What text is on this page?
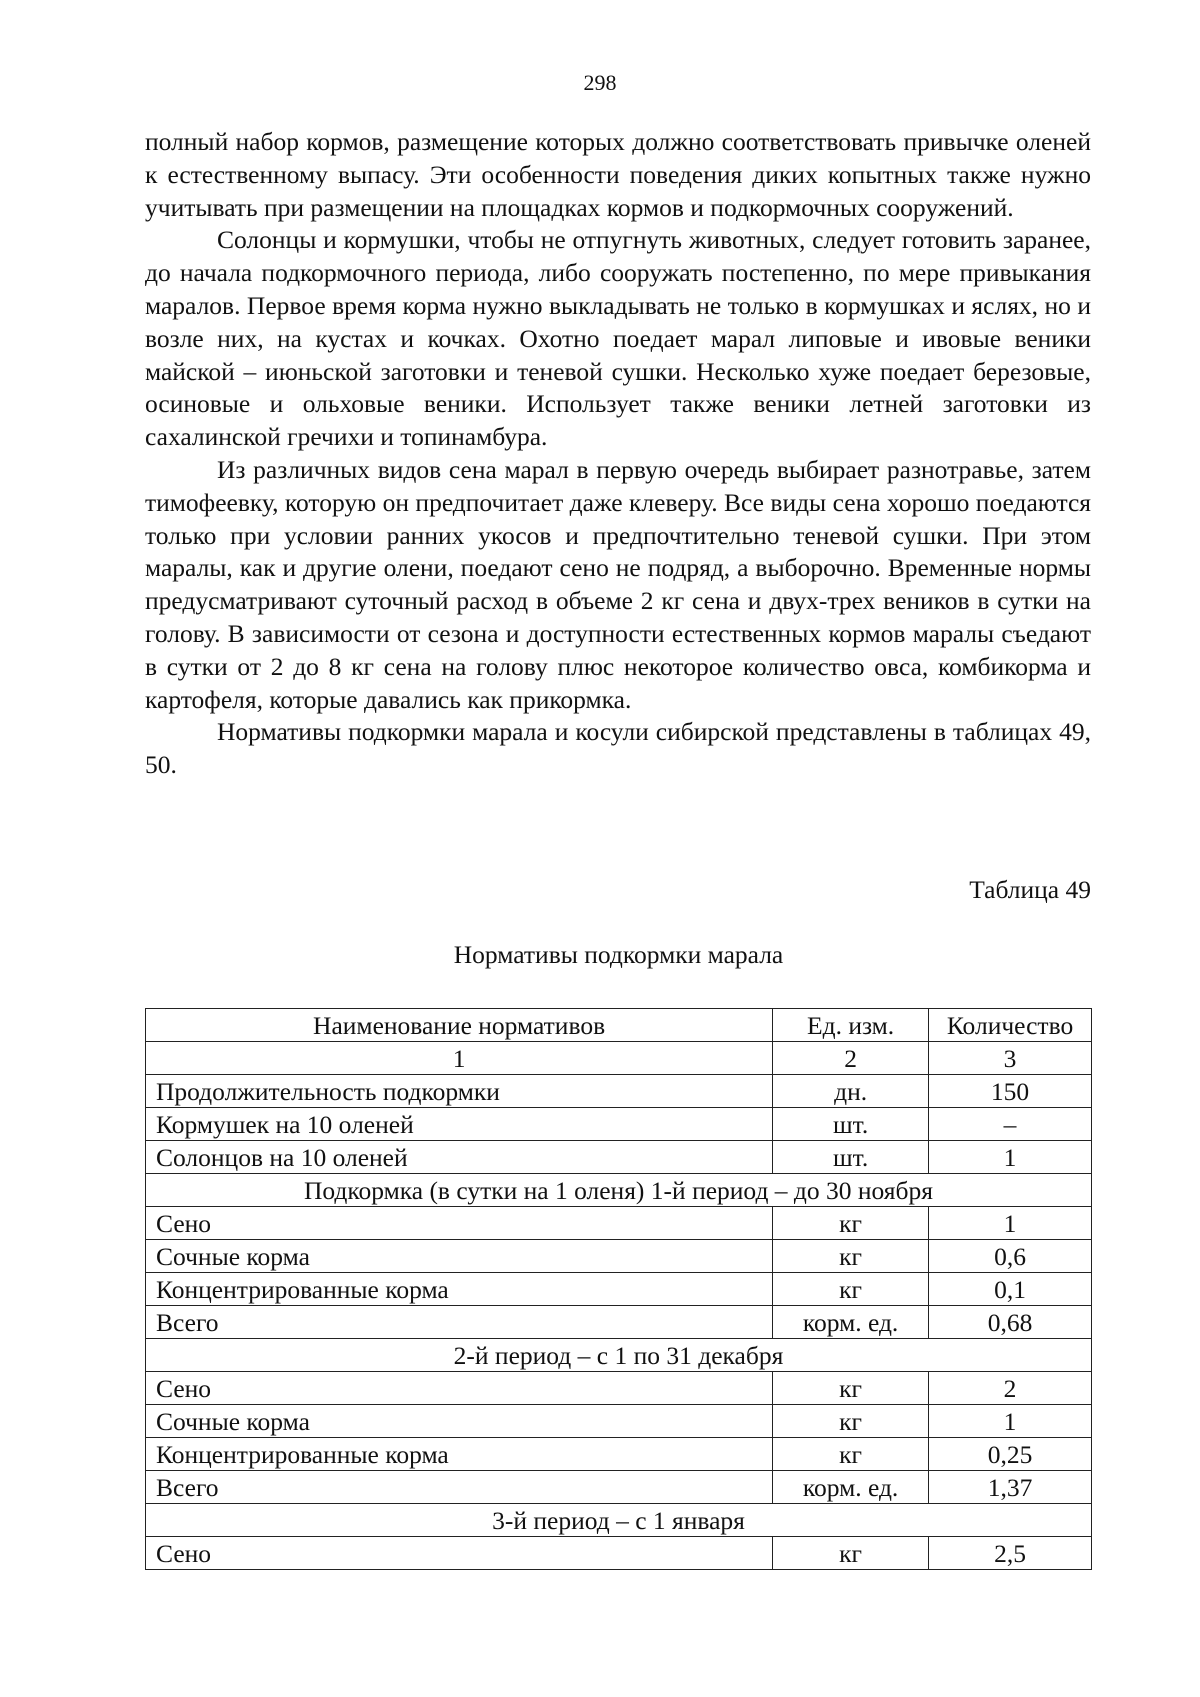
298

полный набор кормов, размещение которых должно соответствовать привычке оленей к естественному выпасу. Эти особенности поведения диких копытных также нужно учитывать при размещении на площадках кормов и подкормочных сооружений.

Солонцы и кормушки, чтобы не отпугнуть животных, следует готовить заранее, до начала подкормочного периода, либо сооружать постепенно, по мере привыкания маралов. Первое время корма нужно выкладывать не только в кормушках и яслях, но и возле них, на кустах и кочках. Охотно поедает марал липовые и ивовые веники майской – июньской заготовки и теневой сушки. Несколько хуже поедает березовые, осиновые и ольховые веники. Использует также веники летней заготовки из сахалинской гречихи и топинамбура.

Из различных видов сена марал в первую очередь выбирает разнотравье, затем тимофеевку, которую он предпочитает даже клеверу. Все виды сена хорошо поедаются только при условии ранних укосов и предпочтительно теневой сушки. При этом маралы, как и другие олени, поедают сено не подряд, а выборочно. Временные нормы предусматривают суточный расход в объеме 2 кг сена и двух-трех веников в сутки на голову. В зависимости от сезона и доступности естественных кормов маралы съедают в сутки от 2 до 8 кг сена на голову плюс некоторое количество овса, комбикорма и картофеля, которые давались как прикормка.

Нормативы подкормки марала и косули сибирской представлены в таблицах 49, 50.

Таблица 49
Нормативы подкормки марала
Наименование нормативов	Ед. изм.	Количество
1	2	3
Продолжительность подкормки	дн.	150
Кормушек на 10 оленей	шт.	–
Солонцов на 10 оленей	шт.	1
Подкормка (в сутки на 1 оленя) 1-й период – до 30 ноября		
Сено	кг	1
Сочные корма	кг	0,6
Концентрированные корма	кг	0,1
Всего	корм. ед.	0,68
2-й период – с 1 по 31 декабря		
Сено	кг	2
Сочные корма	кг	1
Концентрированные корма	кг	0,25
Всего	корм. ед.	1,37
3-й период – с 1 января		
Сено	кг	2,5
